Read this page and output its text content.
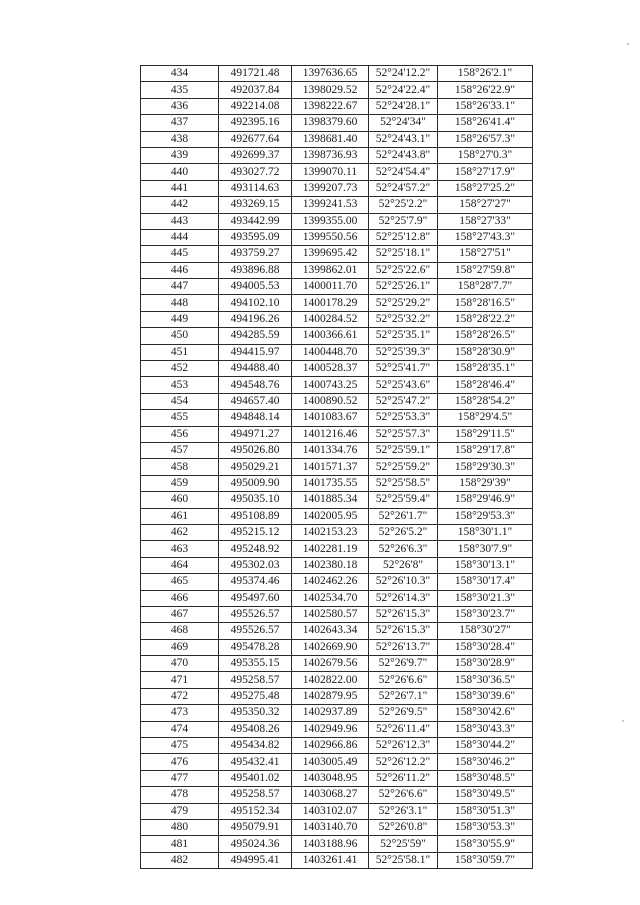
434	491721.48	1397636.65	52°24'12.2"	158°26'2.1"
435	492037.84	1398029.52	52°24'22.4"	158°26'22.9"
436	492214.08	1398222.67	52°24'28.1"	158°26'33.1"
437	492395.16	1398379.60	52°24'34"	158°26'41.4"
438	492677.64	1398681.40	52°24'43.1"	158°26'57.3"
439	492699.37	1398736.93	52°24'43.8"	158°27'0.3"
440	493027.72	1399070.11	52°24'54.4"	158°27'17.9"
441	493114.63	1399207.73	52°24'57.2"	158°27'25.2"
442	493269.15	1399241.53	52°25'2.2"	158°27'27"
443	493442.99	1399355.00	52°25'7.9"	158°27'33"
444	493595.09	1399550.56	52°25'12.8"	158°27'43.3"
445	493759.27	1399695.42	52°25'18.1"	158°27'51"
446	493896.88	1399862.01	52°25'22.6"	158°27'59.8"
447	494005.53	1400011.70	52°25'26.1"	158°28'7.7"
448	494102.10	1400178.29	52°25'29.2"	158°28'16.5"
449	494196.26	1400284.52	52°25'32.2"	158°28'22.2"
450	494285.59	1400366.61	52°25'35.1"	158°28'26.5"
451	494415.97	1400448.70	52°25'39.3"	158°28'30.9"
452	494488.40	1400528.37	52°25'41.7"	158°28'35.1"
453	494548.76	1400743.25	52°25'43.6"	158°28'46.4"
454	494657.40	1400890.52	52°25'47.2"	158°28'54.2"
455	494848.14	1401083.67	52°25'53.3"	158°29'4.5"
456	494971.27	1401216.46	52°25'57.3"	158°29'11.5"
457	495026.80	1401334.76	52°25'59.1"	158°29'17.8"
458	495029.21	1401571.37	52°25'59.2"	158°29'30.3"
459	495009.90	1401735.55	52°25'58.5"	158°29'39"
460	495035.10	1401885.34	52°25'59.4"	158°29'46.9"
461	495108.89	1402005.95	52°26'1.7"	158°29'53.3"
462	495215.12	1402153.23	52°26'5.2"	158°30'1.1"
463	495248.92	1402281.19	52°26'6.3"	158°30'7.9"
464	495302.03	1402380.18	52°26'8"	158°30'13.1"
465	495374.46	1402462.26	52°26'10.3"	158°30'17.4"
466	495497.60	1402534.70	52°26'14.3"	158°30'21.3"
467	495526.57	1402580.57	52°26'15.3"	158°30'23.7"
468	495526.57	1402643.34	52°26'15.3"	158°30'27"
469	495478.28	1402669.90	52°26'13.7"	158°30'28.4"
470	495355.15	1402679.56	52°26'9.7"	158°30'28.9"
471	495258.57	1402822.00	52°26'6.6"	158°30'36.5"
472	495275.48	1402879.95	52°26'7.1"	158°30'39.6"
473	495350.32	1402937.89	52°26'9.5"	158°30'42.6"
474	495408.26	1402949.96	52°26'11.4"	158°30'43.3"
475	495434.82	1402966.86	52°26'12.3"	158°30'44.2"
476	495432.41	1403005.49	52°26'12.2"	158°30'46.2"
477	495401.02	1403048.95	52°26'11.2"	158°30'48.5"
478	495258.57	1403068.27	52°26'6.6"	158°30'49.5"
479	495152.34	1403102.07	52°26'3.1"	158°30'51.3"
480	495079.91	1403140.70	52°26'0.8"	158°30'53.3"
481	495024.36	1403188.96	52°25'59"	158°30'55.9"
482	494995.41	1403261.41	52°25'58.1"	158°30'59.7"
